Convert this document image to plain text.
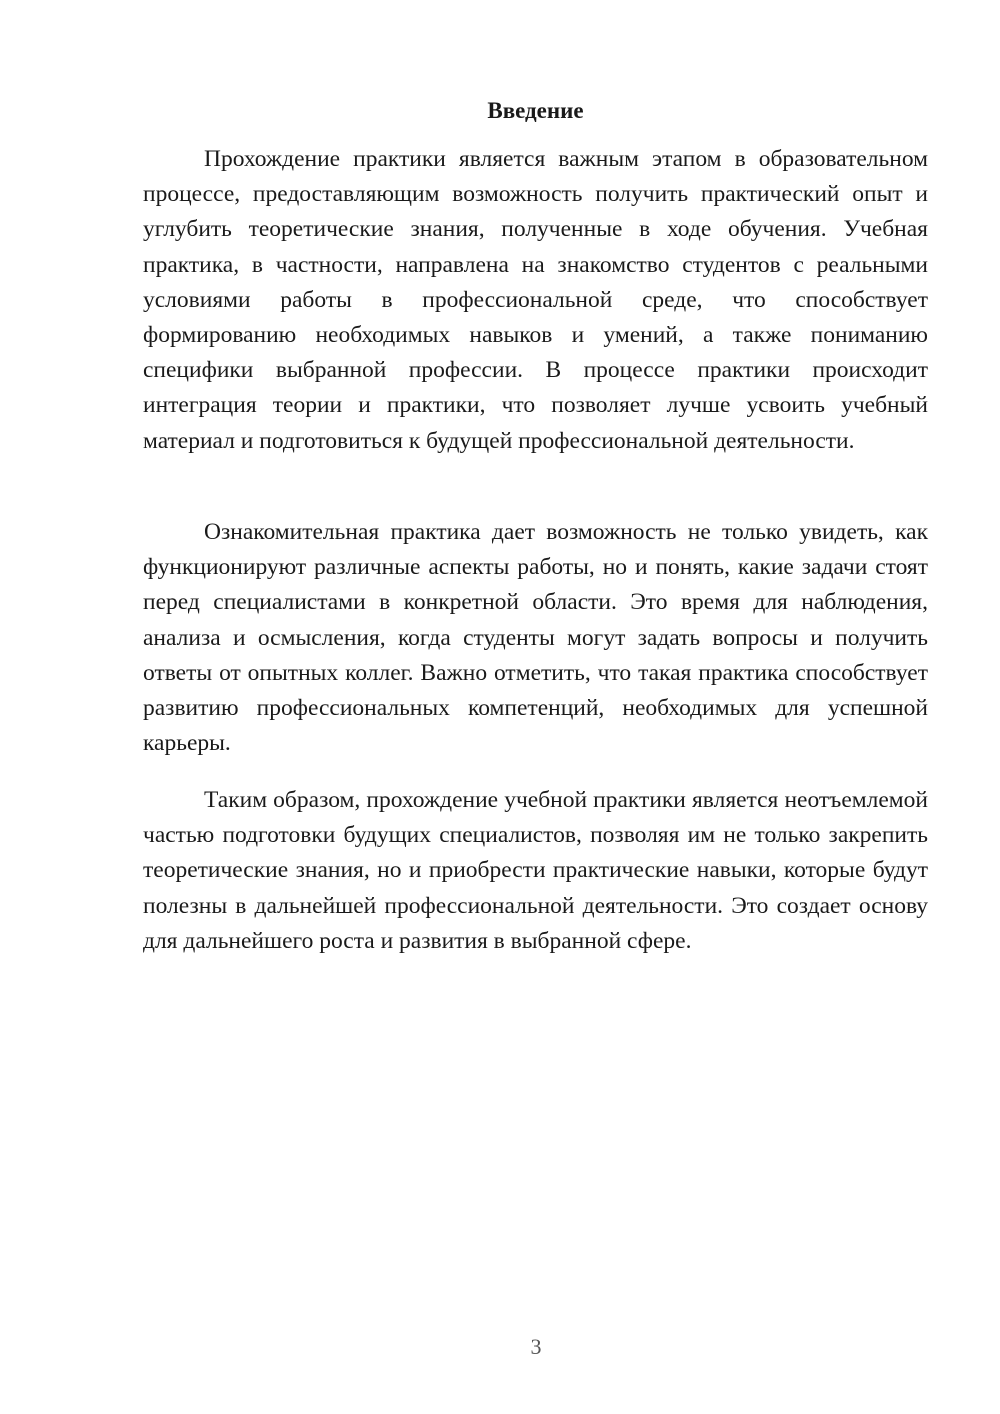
Введение

Прохождение практики является важным этапом в образовательном процессе, предоставляющим возможность получить практический опыт и углубить теоретические знания, полученные в ходе обучения. Учебная практика, в частности, направлена на знакомство студентов с реальными условиями работы в профессиональной среде, что способствует формированию необходимых навыков и умений, а также пониманию специфики выбранной профессии. В процессе практики происходит интеграция теории и практики, что позволяет лучше усвоить учебный материал и подготовиться к будущей профессиональной деятельности.

Ознакомительная практика дает возможность не только увидеть, как функционируют различные аспекты работы, но и понять, какие задачи стоят перед специалистами в конкретной области. Это время для наблюдения, анализа и осмысления, когда студенты могут задать вопросы и получить ответы от опытных коллег. Важно отметить, что такая практика способствует развитию профессиональных компетенций, необходимых для успешной карьеры.

Таким образом, прохождение учебной практики является неотъемлемой частью подготовки будущих специалистов, позволяя им не только закрепить теоретические знания, но и приобрести практические навыки, которые будут полезны в дальнейшей профессиональной деятельности. Это создает основу для дальнейшего роста и развития в выбранной сфере.

3
